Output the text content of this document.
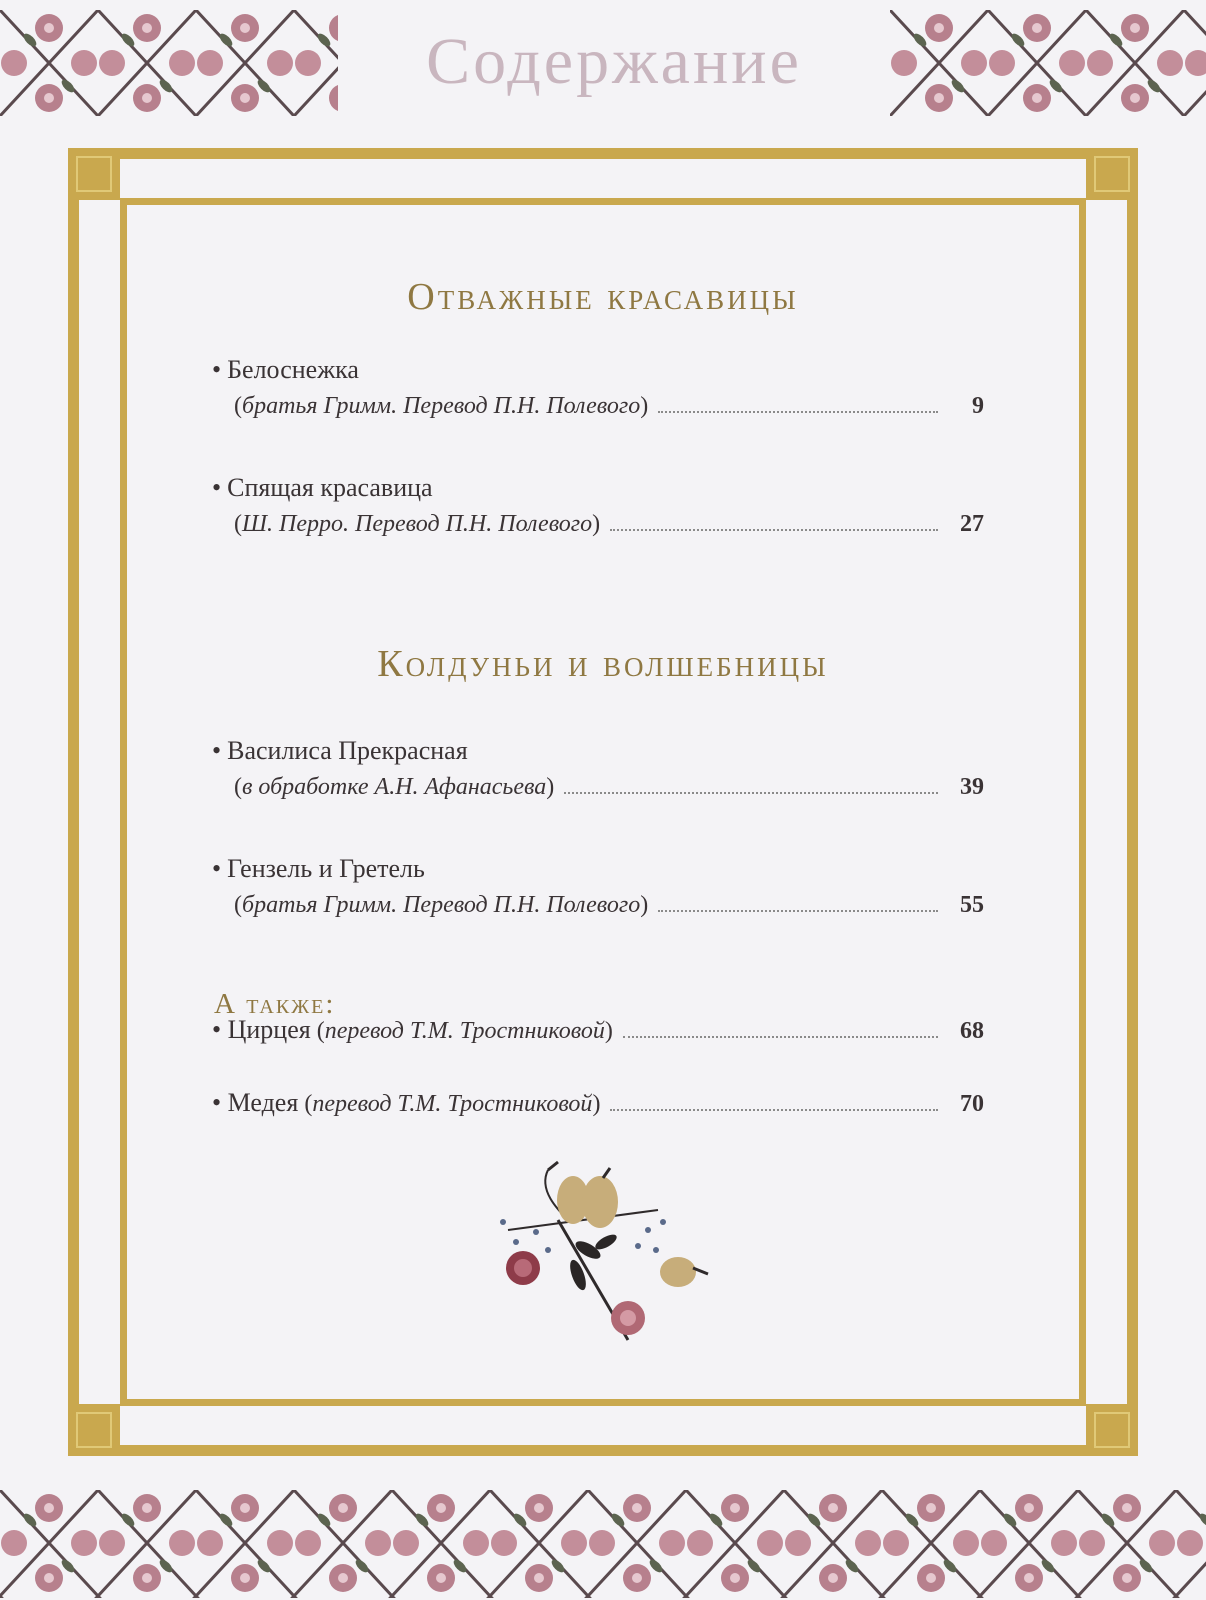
Содержание
Отважные красавицы
• Белоснежка
(братья Гримм. Перевод П.Н. Полевого)	9
• Спящая красавица
(Ш. Перро. Перевод П.Н. Полевого)	27
Колдуньи и волшебницы
• Василиса Прекрасная
(в обработке А.Н. Афанасьева)	39
• Гензель и Гретель
(братья Гримм. Перевод П.Н. Полевого)	55
А также:
• Цирцея (перевод Т.М. Тростниковой)	68
• Медея (перевод Т.М. Тростниковой)	70
